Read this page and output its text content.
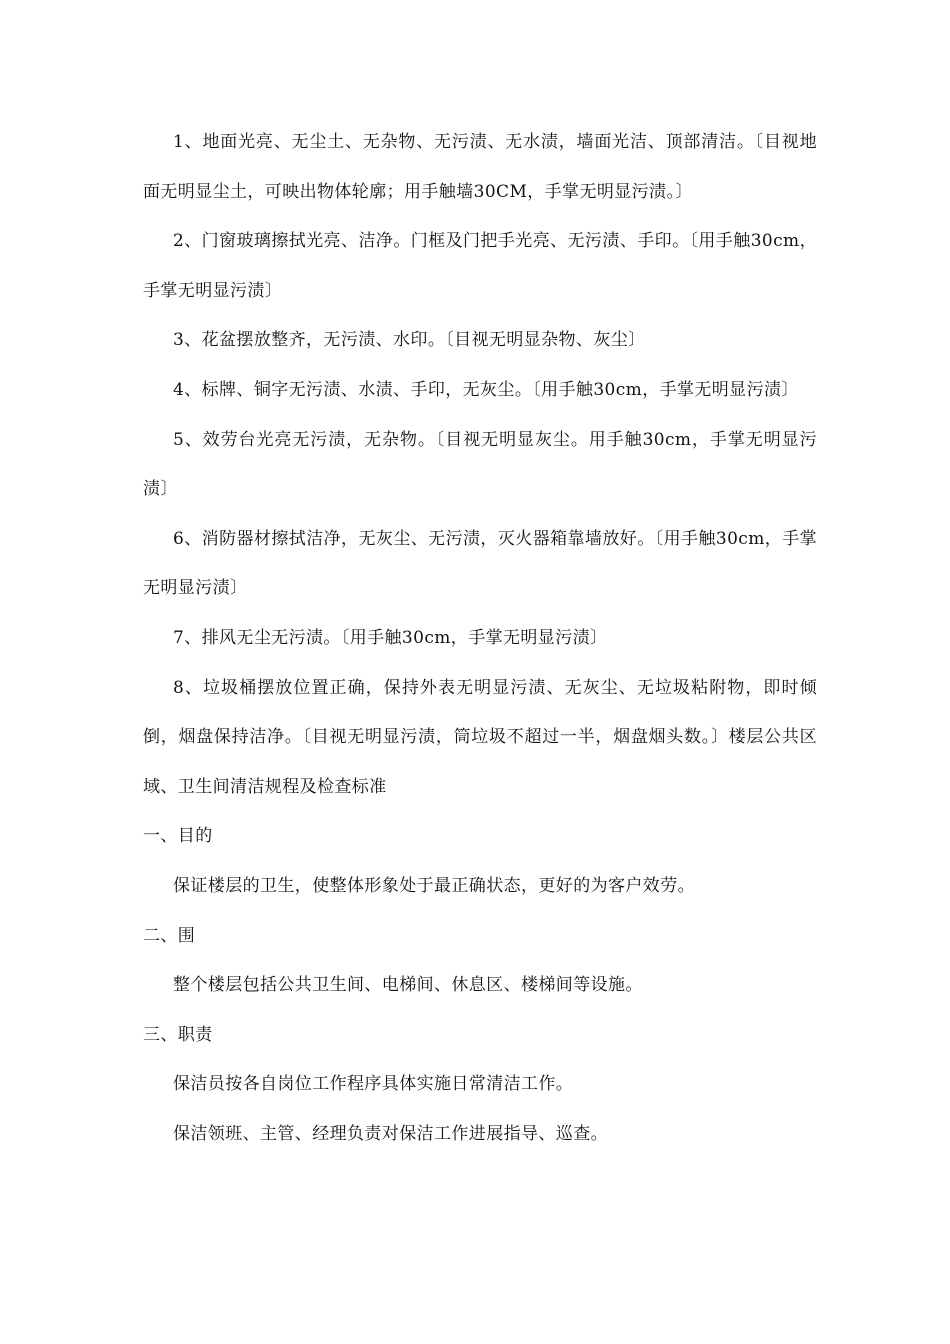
1、地面光亮、无尘土、无杂物、无污渍、无水渍，墙面光洁、顶部清洁。〔目视地面无明显尘土，可映出物体轮廓；用手触墙30CM，手掌无明显污渍。〕

2、门窗玻璃擦拭光亮、洁净。门框及门把手光亮、无污渍、手印。〔用手触30cm，手掌无明显污渍〕

3、花盆摆放整齐，无污渍、水印。〔目视无明显杂物、灰尘〕

4、标牌、铜字无污渍、水渍、手印，无灰尘。〔用手触30cm，手掌无明显污渍〕

5、效劳台光亮无污渍，无杂物。〔目视无明显灰尘。用手触30cm，手掌无明显污渍〕

6、消防器材擦拭洁净，无灰尘、无污渍，灭火器箱靠墙放好。〔用手触30cm，手掌无明显污渍〕

7、排风无尘无污渍。〔用手触30cm，手掌无明显污渍〕

8、垃圾桶摆放位置正确，保持外表无明显污渍、无灰尘、无垃圾粘附物，即时倾倒，烟盘保持洁净。〔目视无明显污渍，筒垃圾不超过一半，烟盘烟头数。〕楼层公共区域、卫生间清洁规程及检查标准

一、目的

保证楼层的卫生，使整体形象处于最正确状态，更好的为客户效劳。

二、围

整个楼层包括公共卫生间、电梯间、休息区、楼梯间等设施。

三、职责

保洁员按各自岗位工作程序具体实施日常清洁工作。

保洁领班、主管、经理负责对保洁工作进展指导、巡查。
